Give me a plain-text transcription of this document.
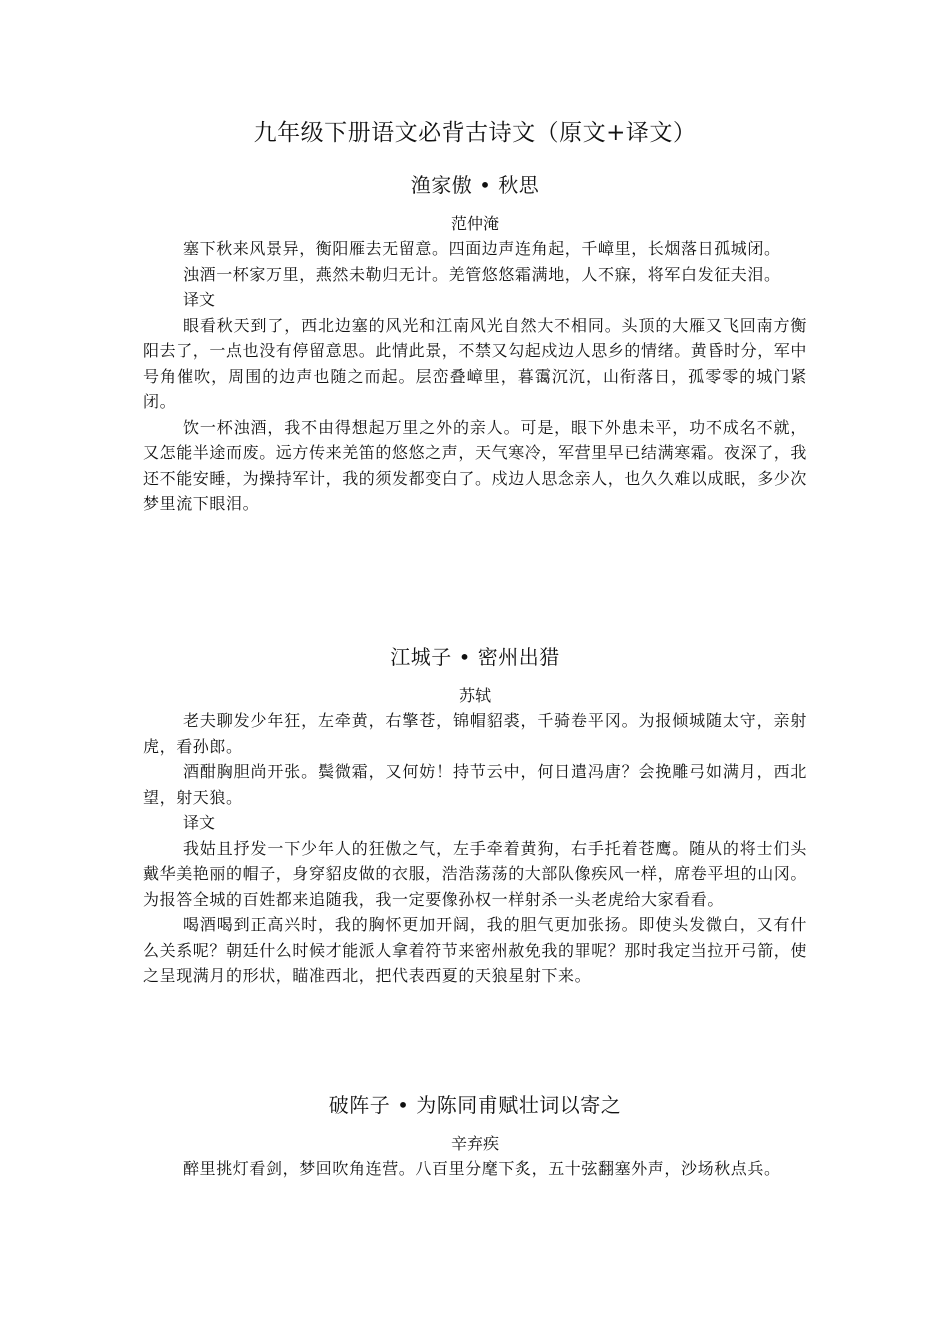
九年级下册语文必背古诗文（原文+译文）
渔家傲 • 秋思
范仲淹

塞下秋来风景异，衡阳雁去无留意。四面边声连角起，千嶂里，长烟落日孤城闭。

浊酒一杯家万里，燕然未勒归无计。羌管悠悠霜满地，人不寐，将军白发征夫泪。

译文

眼看秋天到了，西北边塞的风光和江南风光自然大不相同。头顶的大雁又飞回南方衡阳去了，一点也没有停留意思。此情此景，不禁又勾起戍边人思乡的情绪。黄昏时分，军中号角催吹，周围的边声也随之而起。层峦叠嶂里，暮霭沉沉，山衔落日，孤零零的城门紧闭。

饮一杯浊酒，我不由得想起万里之外的亲人。可是，眼下外患未平，功不成名不就，又怎能半途而废。远方传来羌笛的悠悠之声，天气寒冷，军营里早已结满寒霜。夜深了，我还不能安睡，为操持军计，我的须发都变白了。戍边人思念亲人，也久久难以成眠，多少次梦里流下眼泪。

江城子 • 密州出猎
苏轼

老夫聊发少年狂，左牵黄，右擎苍，锦帽貂裘，千骑卷平冈。为报倾城随太守，亲射虎，看孙郎。

酒酣胸胆尚开张。鬓微霜，又何妨！持节云中，何日遣冯唐？会挽雕弓如满月，西北望，射天狼。

译文

我姑且抒发一下少年人的狂傲之气，左手牵着黄狗，右手托着苍鹰。随从的将士们头戴华美艳丽的帽子，身穿貂皮做的衣服，浩浩荡荡的大部队像疾风一样，席卷平坦的山冈。为报答全城的百姓都来追随我，我一定要像孙权一样射杀一头老虎给大家看看。

喝酒喝到正高兴时，我的胸怀更加开阔，我的胆气更加张扬。即使头发微白，又有什么关系呢？朝廷什么时候才能派人拿着符节来密州赦免我的罪呢？那时我定当拉开弓箭，使之呈现满月的形状，瞄准西北，把代表西夏的天狼星射下来。

破阵子 • 为陈同甫赋壮词以寄之
辛弃疾

醉里挑灯看剑，梦回吹角连营。八百里分麾下炙，五十弦翻塞外声，沙场秋点兵。
